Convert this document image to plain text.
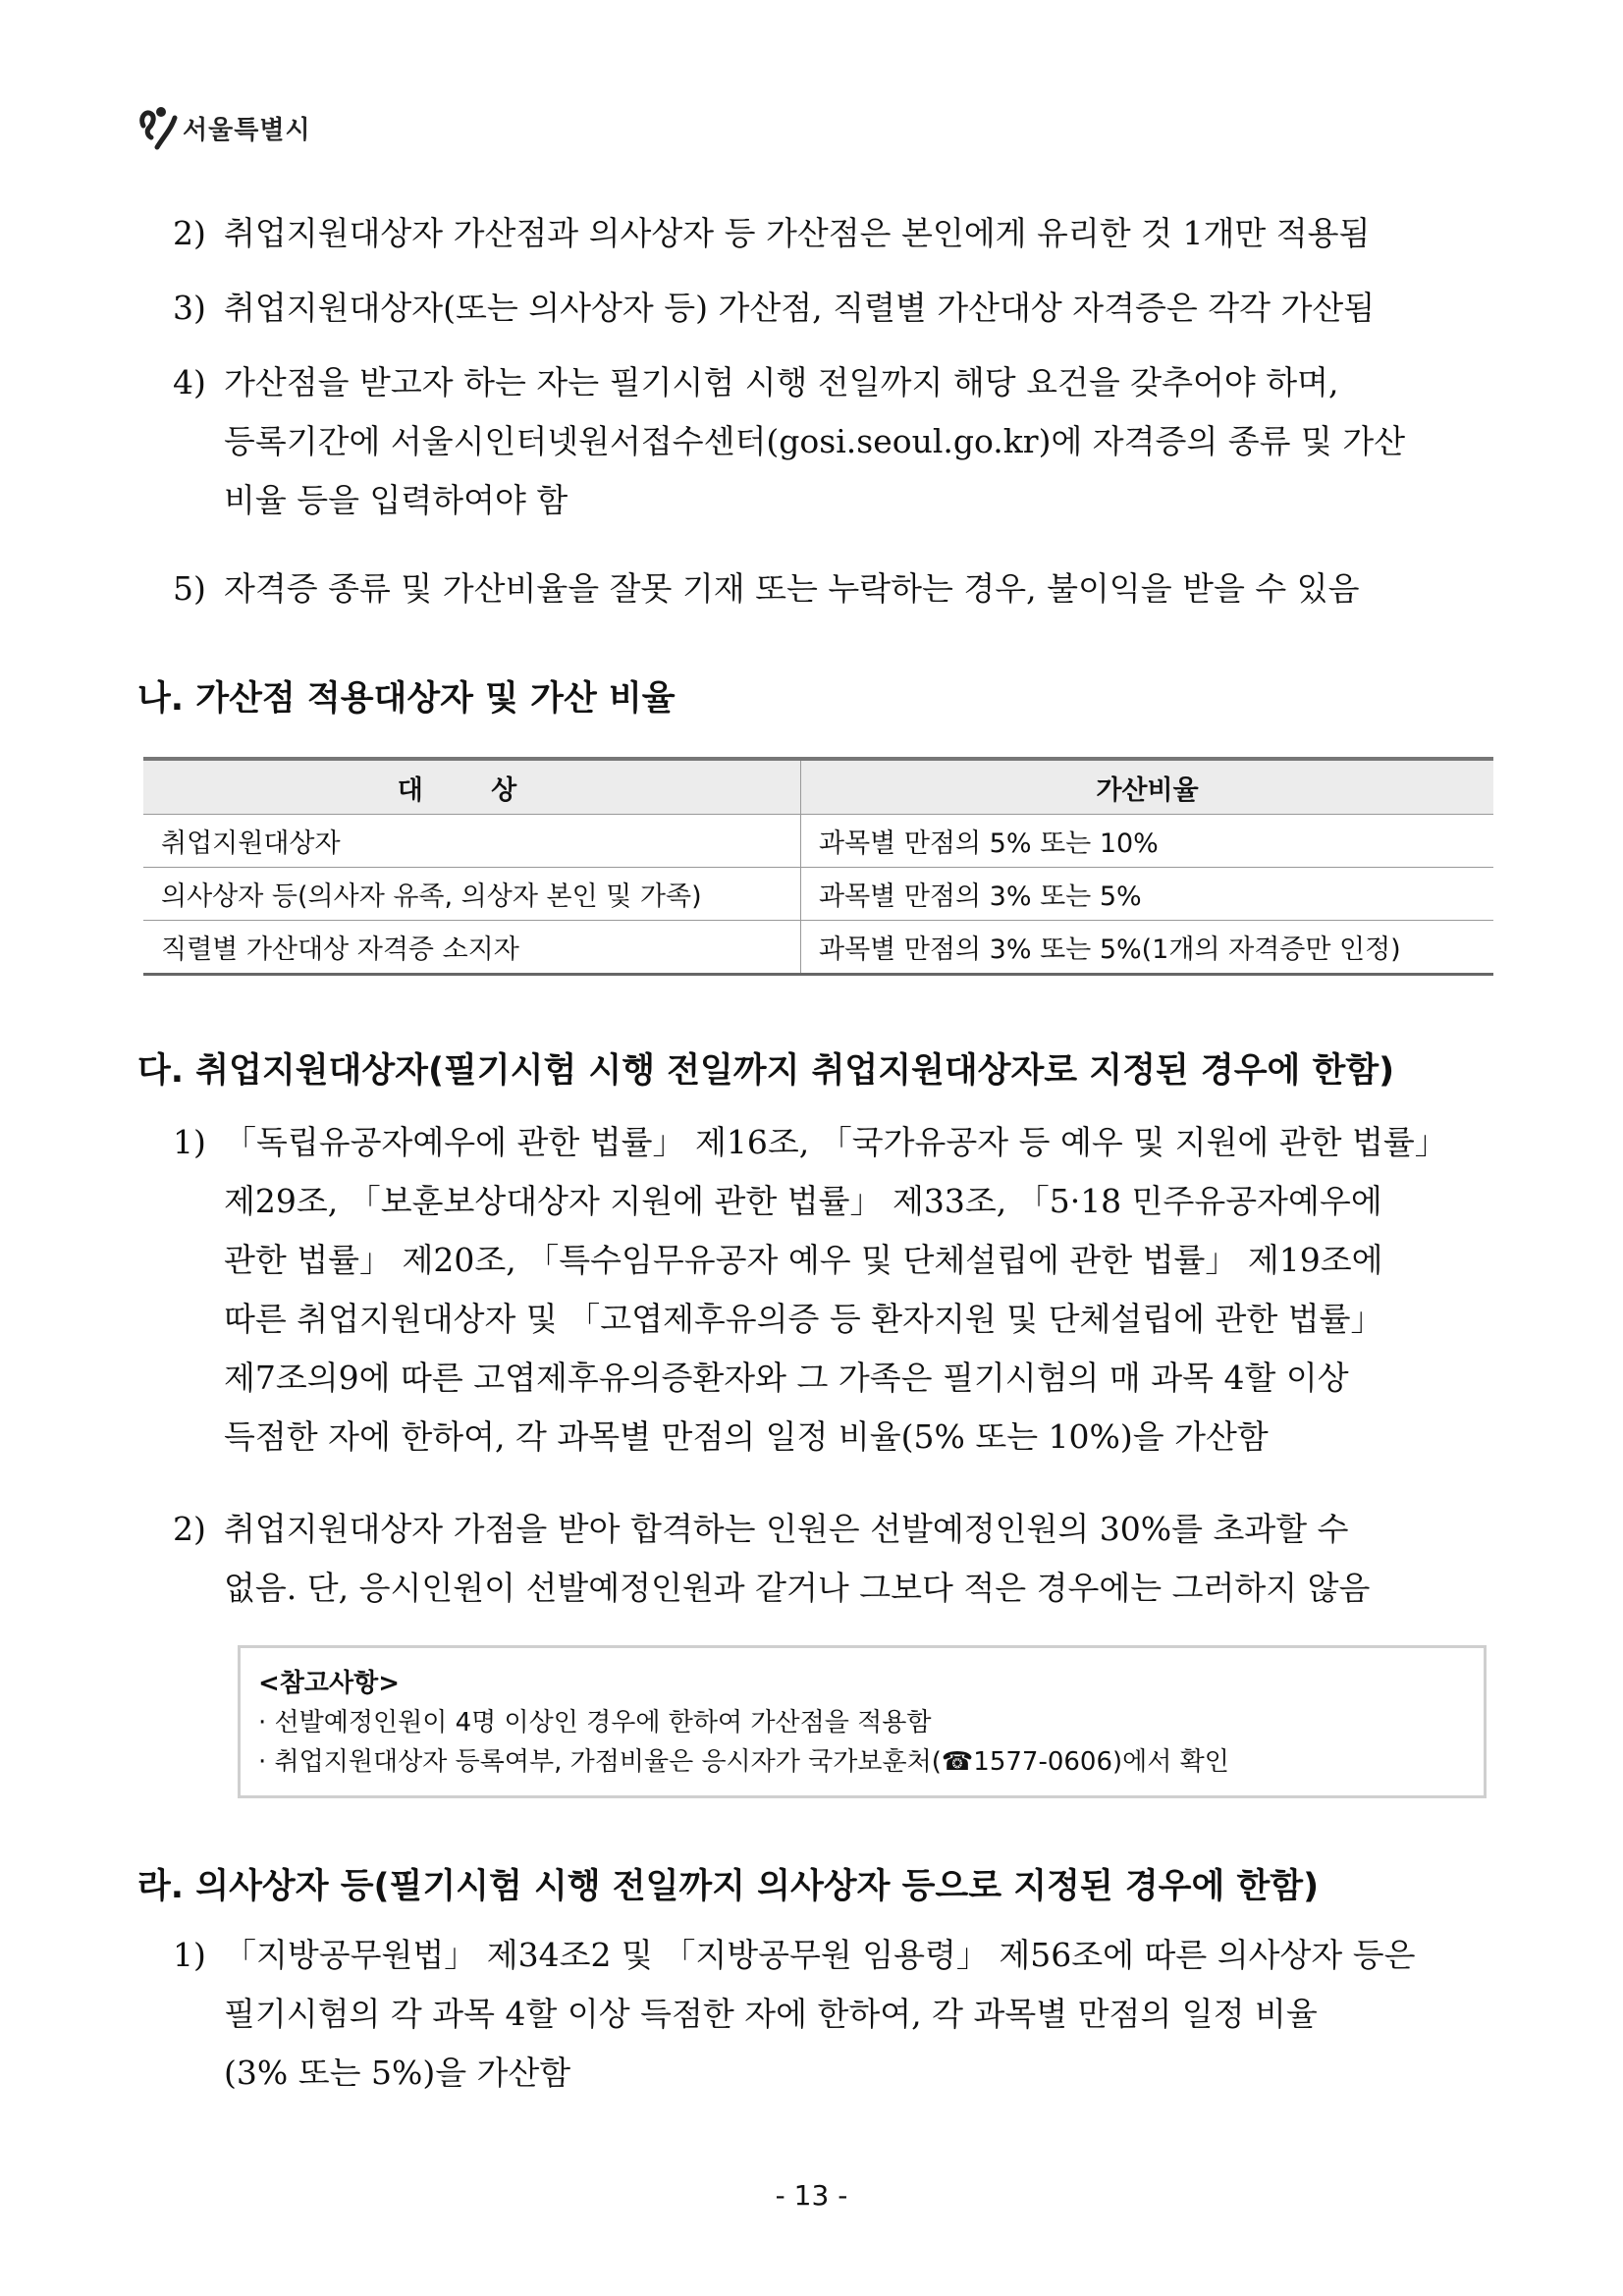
서울특별시
2) 취업지원대상자 가산점과 의사상자 등 가산점은 본인에게 유리한 것 1개만 적용됨
3) 취업지원대상자(또는 의사상자 등) 가산점, 직렬별 가산대상 자격증은 각각 가산됨
4) 가산점을 받고자 하는 자는 필기시험 시행 전일까지 해당 요건을 갖추어야 하며,
등록기간에 서울시인터넷원서접수센터(gosi.seoul.go.kr)에 자격증의 종류 및 가산
비율 등을 입력하여야 함
5) 자격증 종류 및 가산비율을 잘못 기재 또는 누락하는 경우, 불이익을 받을 수 있음
나. 가산점 적용대상자 및 가산 비율
대 상	가산비율
취업지원대상자	과목별 만점의 5% 또는 10%
의사상자 등(의사자 유족, 의상자 본인 및 가족)	과목별 만점의 3% 또는 5%
직렬별 가산대상 자격증 소지자	과목별 만점의 3% 또는 5%(1개의 자격증만 인정)
다. 취업지원대상자(필기시험 시행 전일까지 취업지원대상자로 지정된 경우에 한함)
1) 「독립유공자예우에 관한 법률」 제16조, 「국가유공자 등 예우 및 지원에 관한 법률」
제29조, 「보훈보상대상자 지원에 관한 법률」 제33조, 「5·18 민주유공자예우에
관한 법률」 제20조, 「특수임무유공자 예우 및 단체설립에 관한 법률」 제19조에
따른 취업지원대상자 및 「고엽제후유의증 등 환자지원 및 단체설립에 관한 법률」
제7조의9에 따른 고엽제후유의증환자와 그 가족은 필기시험의 매 과목 4할 이상
득점한 자에 한하여, 각 과목별 만점의 일정 비율(5% 또는 10%)을 가산함
2) 취업지원대상자 가점을 받아 합격하는 인원은 선발예정인원의 30%를 초과할 수
없음. 단, 응시인원이 선발예정인원과 같거나 그보다 적은 경우에는 그러하지 않음
<참고사항>
· 선발예정인원이 4명 이상인 경우에 한하여 가산점을 적용함
· 취업지원대상자 등록여부, 가점비율은 응시자가 국가보훈처(☎1577-0606)에서 확인
라. 의사상자 등(필기시험 시행 전일까지 의사상자 등으로 지정된 경우에 한함)
1) 「지방공무원법」 제34조2 및 「지방공무원 임용령」 제56조에 따른 의사상자 등은
필기시험의 각 과목 4할 이상 득점한 자에 한하여, 각 과목별 만점의 일정 비율
(3% 또는 5%)을 가산함
- 13 -
